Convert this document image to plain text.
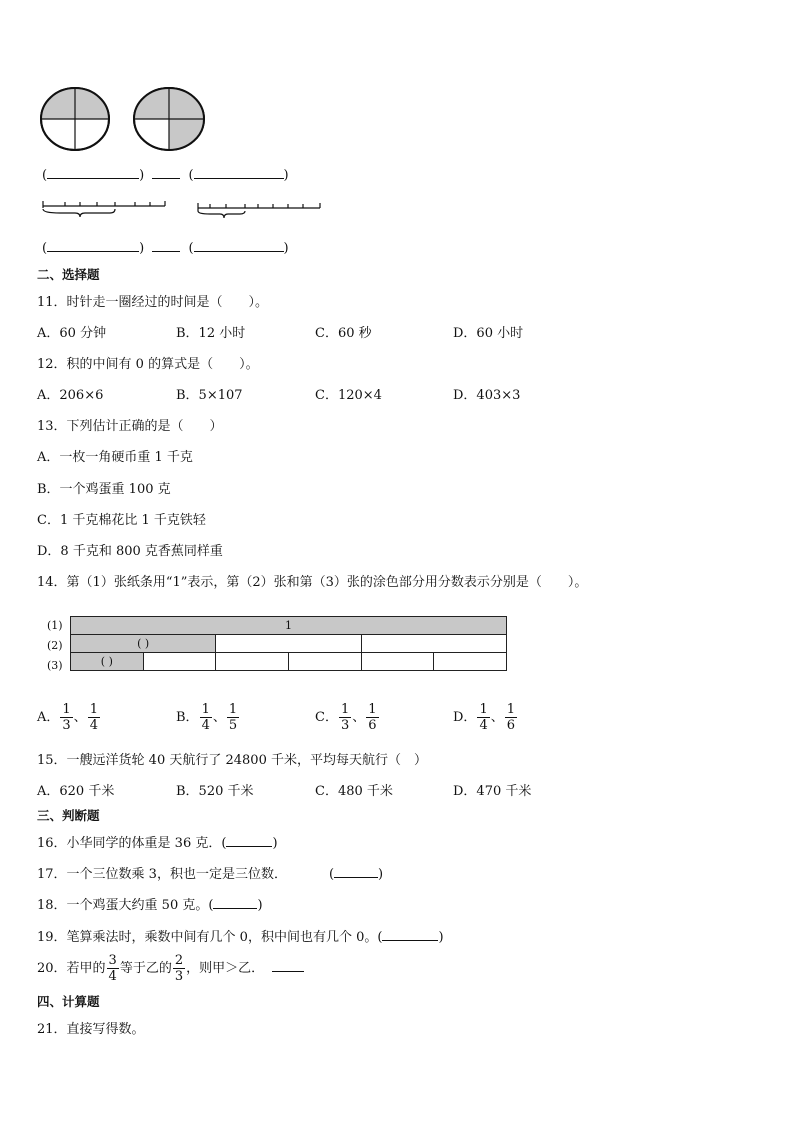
(	)	(	)
(	)	(	)
二、选择题
11．时针走一圈经过的时间是（　　）。
A．60 分钟	B．12 小时	C．60 秒	D．60 小时
12．积的中间有 0 的算式是（　　）。
A．206×6	B．5×107	C．120×4	D．403×3
13．下列估计正确的是（　　）
A．一枚一角硬币重 1 千克
B．一个鸡蛋重 100 克
C．1 千克棉花比 1 千克铁轻
D．8 千克和 800 克香蕉同样重
14．第（1）张纸条用“1”表示，第（2）张和第（3）张的涂色部分用分数表示分别是（　　）。
(1)
(2)
(3)
1					
( )					
( )					
A． $\frac{1}{3}$ 、 $\frac{1}{4}$	B． $\frac{1}{4}$ 、 $\frac{1}{5}$	C． $\frac{1}{3}$ 、 $\frac{1}{6}$	D． $\frac{1}{4}$ 、 $\frac{1}{6}$
15．一艘远洋货轮 40 天航行了 24800 千米，平均每天航行（　）
A．620 千米	B．520 千米	C．480 千米	D．470 千米
三、判断题
16．小华同学的体重是 36 克．(	)
17．一个三位数乘 3，积也一定是三位数．	(	)
18．一个鸡蛋大约重 50 克。(	)
19．笔算乘法时，乘数中间有几个 0，积中间也有几个 0。(	)
20．若甲的 $\frac{3}{4}$ 等于乙的 $\frac{2}{3}$ ，则甲＞乙．
四、计算题
21．直接写得数。
